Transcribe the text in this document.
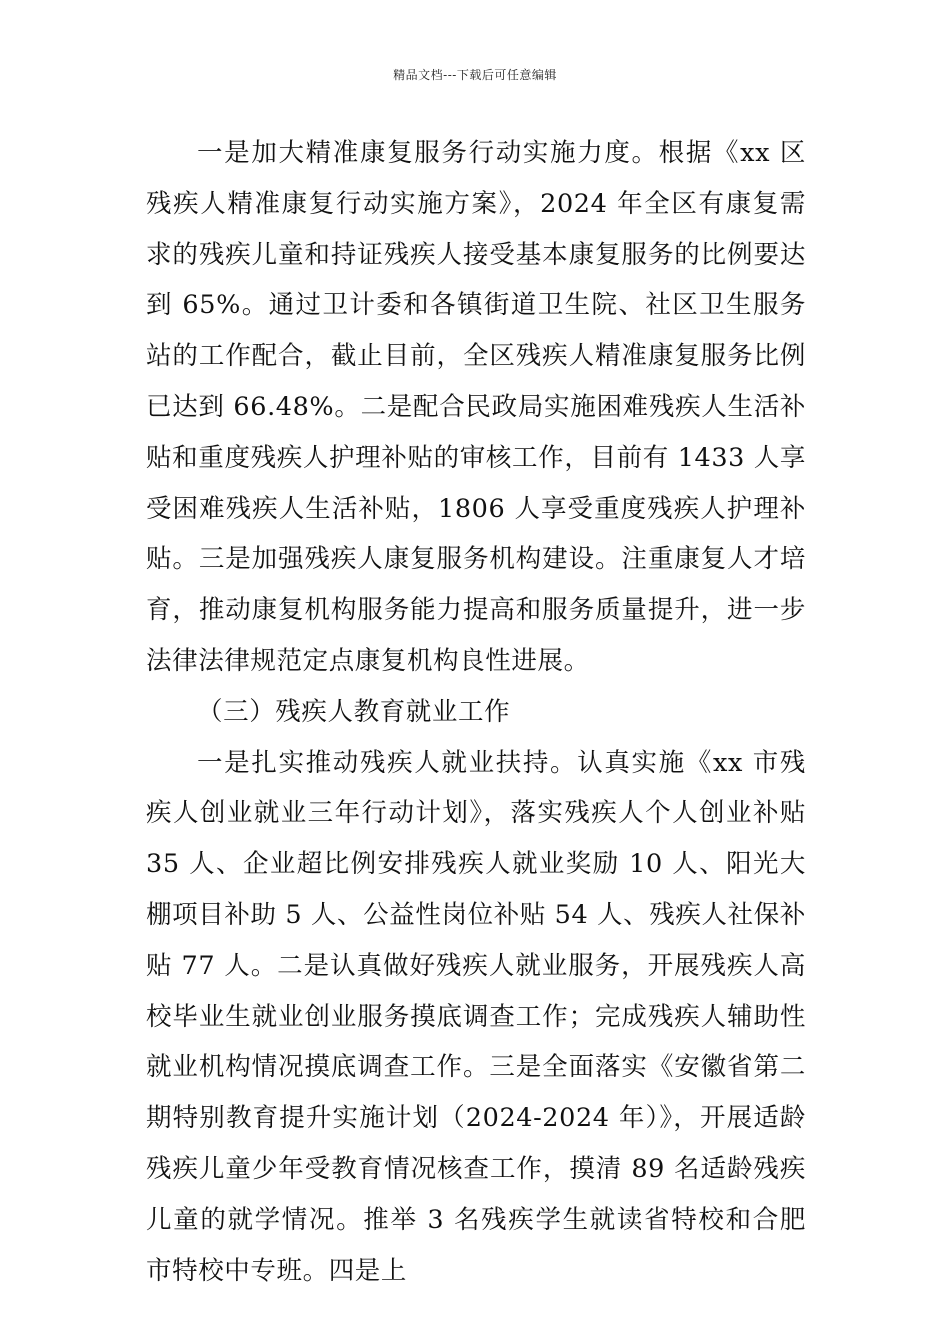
精品文档---下载后可任意编辑

一是加大精准康复服务行动实施力度。根据《xx 区残疾人精准康复行动实施方案》，2024 年全区有康复需求的残疾儿童和持证残疾人接受基本康复服务的比例要达到 65%。通过卫计委和各镇街道卫生院、社区卫生服务站的工作配合，截止目前，全区残疾人精准康复服务比例已达到 66.48%。二是配合民政局实施困难残疾人生活补贴和重度残疾人护理补贴的审核工作，目前有 1433 人享受困难残疾人生活补贴，1806 人享受重度残疾人护理补贴。三是加强残疾人康复服务机构建设。注重康复人才培育，推动康复机构服务能力提高和服务质量提升，进一步法律法律规范定点康复机构良性进展。

（三）残疾人教育就业工作

一是扎实推动残疾人就业扶持。认真实施《xx 市残疾人创业就业三年行动计划》，落实残疾人个人创业补贴 35 人、企业超比例安排残疾人就业奖励 10 人、阳光大棚项目补助 5 人、公益性岗位补贴 54 人、残疾人社保补贴 77 人。二是认真做好残疾人就业服务，开展残疾人高校毕业生就业创业服务摸底调查工作；完成残疾人辅助性就业机构情况摸底调查工作。三是全面落实《安徽省第二期特别教育提升实施计划（2024-2024 年）》，开展适龄残疾儿童少年受教育情况核查工作，摸清 89 名适龄残疾儿童的就学情况。推举 3 名残疾学生就读省特校和合肥市特校中专班。四是上
